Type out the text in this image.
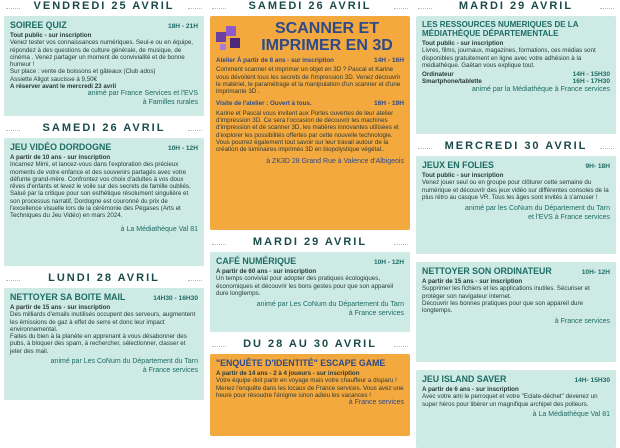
VENDREDI 25 AVRIL
SOIREE QUIZ	18H - 21H
Tout public - sur inscription
Venez tester vos connaissances numériques. Seul-e ou en équipe, répondez à des questions de culture générale, de musique, de cinéma . Venez partager un moment de convivialité et de bonne humeur !
Sur place : vente de boissons et gâteaux (Club ados)
Assiette Aligot saucisse à 9,50€
A réserver avant le mercredi 23 avril
animé par France Services et l'EVS
à Familles rurales
SAMEDI 26 AVRIL
JEU VIDÉO DORDOGNE	10H - 12H
A partir de 10 ans - sur inscription
Incarnez Mimi, et lancez-vous dans l'exploration des précieux moments de votre enfance et des souvenirs partagés avec votre défunte grand-mère. Confrontez vos choix d'adultes à vos doux rêves d'enfants et levez le voile sur des secrets de famille oubliés.
Salué par la critique pour son esthétique résolument singulière et son processus narratif, Dordogne est couronné du prix de l'excellence visuelle lors de la cérémonie des Pégases (Arts et Techniques du Jeu Vidéo) en mars 2024.
à La Médiathèque Val 81
LUNDI 28 AVRIL
NETTOYER SA BOITE MAIL	14H30 - 16H30
A partir de 15 ans - sur inscription
Des milliards d'emails inutilisés occupent des serveurs, augmentent les émissions de gaz à effet de serre et donc leur impact environnemental.
Faites du bien à la planète en apprenant à vous désabonner des pubs, à bloquer des spam, à rechercher, sélectionner, classer et jeter des mail.
animé par Les CoNum du Département du Tarn
à France services
SAMEDI 26 AVRIL
SCANNER ET
IMPRIMER EN 3D
Atelier À partir de 8 ans - sur inscription	14H - 16H
Comment scanner et imprimer un objet en 3D ? Pascal et Karine vous dévoilent tous les secrets de l'impression 3D. Venez découvrir le matériel, le paramétrage et la manipulation d'un scanner et d'une imprimante 3D .
Visite de l'atelier : Ouvert à tous.	16H - 19H
Karine et Pascal vous invitent aux Portes ouvertes de leur atelier d'impression 3D. Ce sera l'occasion de découvrir les machines d'impression et de scanner 3D, les matières innovantes utilisées et d'explorer les possibilités offertes par cette nouvelle technologie. Vous pourrez également tout savoir sur leur travail autour de la création de luminaires imprimés 3D en biopolystique végétal..
à ZK3D 28 Grand Rue à Valence d'Albigeois
MARDI 29 AVRIL
CAFÉ NUMÉRIQUE	10H - 12H
A partir de 60 ans - sur inscription
Un temps convivial pour adopter des pratiques écologiques, économiques et découvrir les bons gestes pour que son appareil dure longtemps.
animé par Les CoNum du Département du Tarn
à France services
DU 28 AU 30 AVRIL
"ENQUÊTE D'IDENTITÉ" ESCAPE GAME
A partir de 14 ans - 2 à 4 joueurs - sur inscription
Votre équipe doit partir en voyage mais votre chauffeur a disparu ! Menez l'enquête dans les locaux de France services. Vous avez une heure pour résoudre l'énigme sinon adieu les vacances !
à France services
MARDI 29 AVRIL
LES RESSOURCES NUMERIQUES DE LA MÉDIATHÈQUE DÉPARTEMENTALE
Tout public - sur inscription
Livres, films, journaux, magazines, formations, ces médias sont disponibles gratuitement en ligne avec votre adhésion à la médiathèque. Gaëtan vous explique tout.
Ordinateur	14H - 15H30
Smartphone/tablette	16H - 17H30
animé par la Médiathèque à France services
MERCREDI 30 AVRIL
JEUX EN FOLIES	9H- 18H
Tout public - sur inscription
Venez jouer seul ou en groupe pour clôturer cette semaine du numérique et découvrir des jeux vidéo sur différentes consoles de la plus rétro au casque VR. Tous les âges sont invités à s'amuser !
animé par les CoNum du Département du Tarn
et l'EVS à France services
NETTOYER SON ORDINATEUR	10H- 12H
A partir de 15 ans - sur inscription
Supprimer les fichiers et les applications inutiles. Sécuriser et protéger son navigateur internet.
Découvrir les bonnes pratiques pour que son appareil dure longtemps.
à France services
JEU ISLAND SAVER	14H- 15H30
A partir de 6 ans - sur inscription
Avec votre ami le perroquet et votre "Eclate-déchet" devenez un super héros pour libérer un magnifique archipel des polleurs.
à La Médiathèque Val 81
